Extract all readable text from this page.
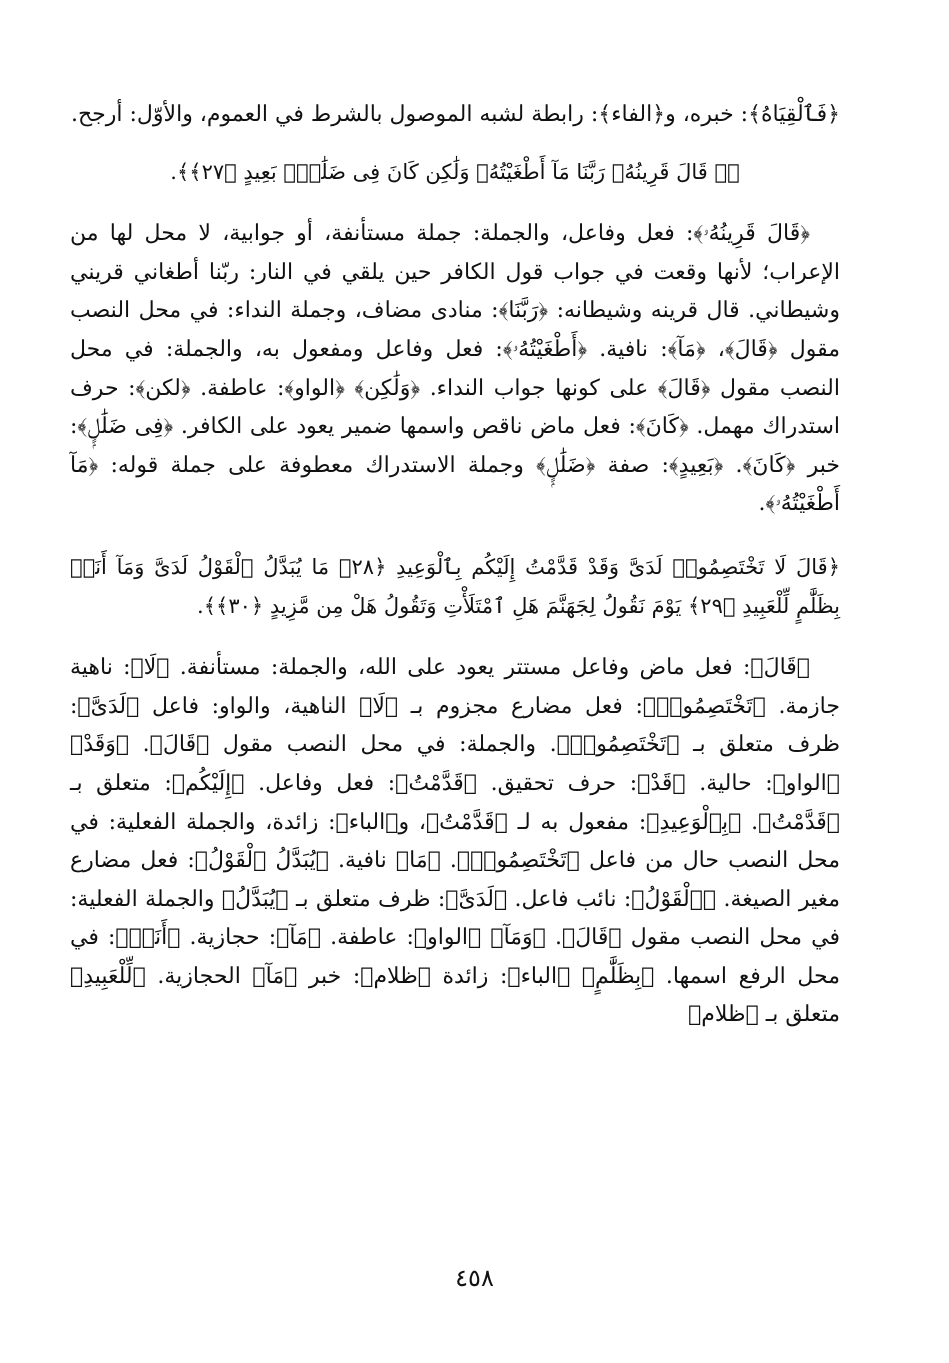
﴿فَٱلْقِيَاهُ﴾: خبره، و﴿الفاء﴾: رابطة لشبه الموصول بالشرط في العموم، والأوّل: أرجح.

﴿۞ قَالَ قَرِينُهُۥ رَبَّنَا مَآ أَطْغَيْتُهُۥ وَلَٰكِن كَانَ فِى ضَلَٰلٍۭ بَعِيدٍ ﴿٢٧﴾﴾.

﴿قَالَ قَرِينُهُۥ﴾: فعل وفاعل، والجملة: جملة مستأنفة، أو جوابية، لا محل لها من الإعراب؛ لأنها وقعت في جواب قول الكافر حين يلقي في النار: ربّنا أطغاني قريني وشيطاني. قال قرينه وشيطانه: ﴿رَبَّنَا﴾: منادى مضاف، وجملة النداء: في محل النصب مقول ﴿قَالَ﴾، ﴿مَآ﴾: نافية. ﴿أَطْغَيْتُهُۥ﴾: فعل وفاعل ومفعول به، والجملة: في محل النصب مقول ﴿قَالَ﴾ على كونها جواب النداء. ﴿وَلَٰكِن﴾ ﴿الواو﴾: عاطفة. ﴿لكن﴾: حرف استدراك مهمل. ﴿كَانَ﴾: فعل ماض ناقص واسمها ضمير يعود على الكافر. ﴿فِى ضَلَٰلٍۭ﴾: خبر ﴿كَانَ﴾. ﴿بَعِيدٍ﴾: صفة ﴿ضَلَٰلٍۭ﴾ وجملة الاستدراك معطوفة على جملة قوله: ﴿مَآ أَطْغَيْتُهُۥ﴾.

﴿قَالَ لَا تَخْتَصِمُوا۟ لَدَىَّ وَقَدْ قَدَّمْتُ إِلَيْكُم بِٱلْوَعِيدِ ﴿٢٨﴾ مَا يُبَدَّلُ ٱلْقَوْلُ لَدَىَّ وَمَآ أَنَا۠ بِظَلَّٰمٍ لِّلْعَبِيدِ ﴿٢٩﴾ يَوْمَ نَقُولُ لِجَهَنَّمَ هَلِ ٱمْتَلَأْتِ وَتَقُولُ هَلْ مِن مَّزِيدٍ ﴿٣٠﴾﴾.

﴿قَالَ﴾: فعل ماض وفاعل مستتر يعود على الله، والجملة: مستأنفة. ﴿لَا﴾: ناهية جازمة. ﴿تَخْتَصِمُوا۟﴾: فعل مضارع مجزوم بـ ﴿لَا﴾ الناهية، والواو: فاعل ﴿لَدَىَّ﴾: ظرف متعلق بـ ﴿تَخْتَصِمُوا۟﴾. والجملة: في محل النصب مقول ﴿قَالَ﴾. ﴿وَقَدْ﴾ ﴿الواو﴾: حالية. ﴿قَدْ﴾: حرف تحقيق. ﴿قَدَّمْتُ﴾: فعل وفاعل. ﴿إِلَيْكُم﴾: متعلق بـ ﴿قَدَّمْتُ﴾. ﴿بِٱلْوَعِيدِ﴾: مفعول به لـ ﴿قَدَّمْتُ﴾، و﴿الباء﴾: زائدة، والجملة الفعلية: في محل النصب حال من فاعل ﴿تَخْتَصِمُوا۟﴾. ﴿مَا﴾ نافية. ﴿يُبَدَّلُ ٱلْقَوْلُ﴾: فعل مضارع مغير الصيغة. ﴿ٱلْقَوْلُ﴾: نائب فاعل. ﴿لَدَىَّ﴾: ظرف متعلق بـ ﴿يُبَدَّلُ﴾ والجملة الفعلية: في محل النصب مقول ﴿قَالَ﴾. ﴿وَمَآ﴾ ﴿الواو﴾: عاطفة. ﴿مَآ﴾: حجازية. ﴿أَنَا۠﴾: في محل الرفع اسمها. ﴿بِظَلَّٰمٍ﴾ ﴿الباء﴾: زائدة ﴿ظلام﴾: خبر ﴿مَآ﴾ الحجازية. ﴿لِّلْعَبِيدِ﴾ متعلق بـ ﴿ظلام﴾

٤٥٨
